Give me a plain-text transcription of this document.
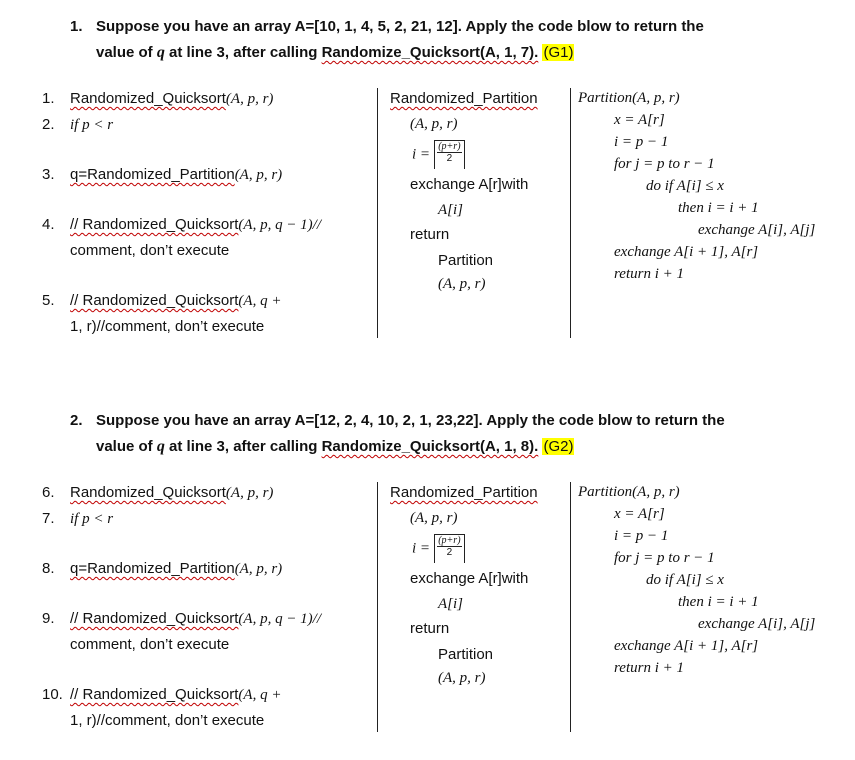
1. Suppose you have an array A=[10, 1, 4, 5, 2, 21, 12]. Apply the code blow to return the
value of q at line 3, after calling Randomize_Quicksort(A, 1, 7). (G1)
1. Randomized_Quicksort(A, p, r)
2. if p < r
3. q=Randomized_Partition(A, p, r)
4. // Randomized_Quicksort(A, p, q − 1)//
comment, don’t execute
5. // Randomized_Quicksort(A, q +
1, r)//comment, don’t execute
Randomized_Partition
(A, p, r)
$i = \frac{(p+r)}{2}$
exchange A[r]with
A[i]
return
Partition
(A, p, r)
Partition(A, p, r)
x = A[r]
i = p − 1
for j = p to r − 1
do if A[i] ≤ x
then i = i + 1
exchange A[i], A[j]
exchange A[i + 1], A[r]
return i + 1
2. Suppose you have an array A=[12, 2, 4, 10, 2, 1, 23,22]. Apply the code blow to return the
value of q at line 3, after calling Randomize_Quicksort(A, 1, 8). (G2)
6. Randomized_Quicksort(A, p, r)
7. if p < r
8. q=Randomized_Partition(A, p, r)
9. // Randomized_Quicksort(A, p, q − 1)//
comment, don’t execute
10. // Randomized_Quicksort(A, q +
1, r)//comment, don’t execute
Randomized_Partition
(A, p, r)
$i = \frac{(p+r)}{2}$
exchange A[r]with
A[i]
return
Partition
(A, p, r)
Partition(A, p, r)
x = A[r]
i = p − 1
for j = p to r − 1
do if A[i] ≤ x
then i = i + 1
exchange A[i], A[j]
exchange A[i + 1], A[r]
return i + 1
